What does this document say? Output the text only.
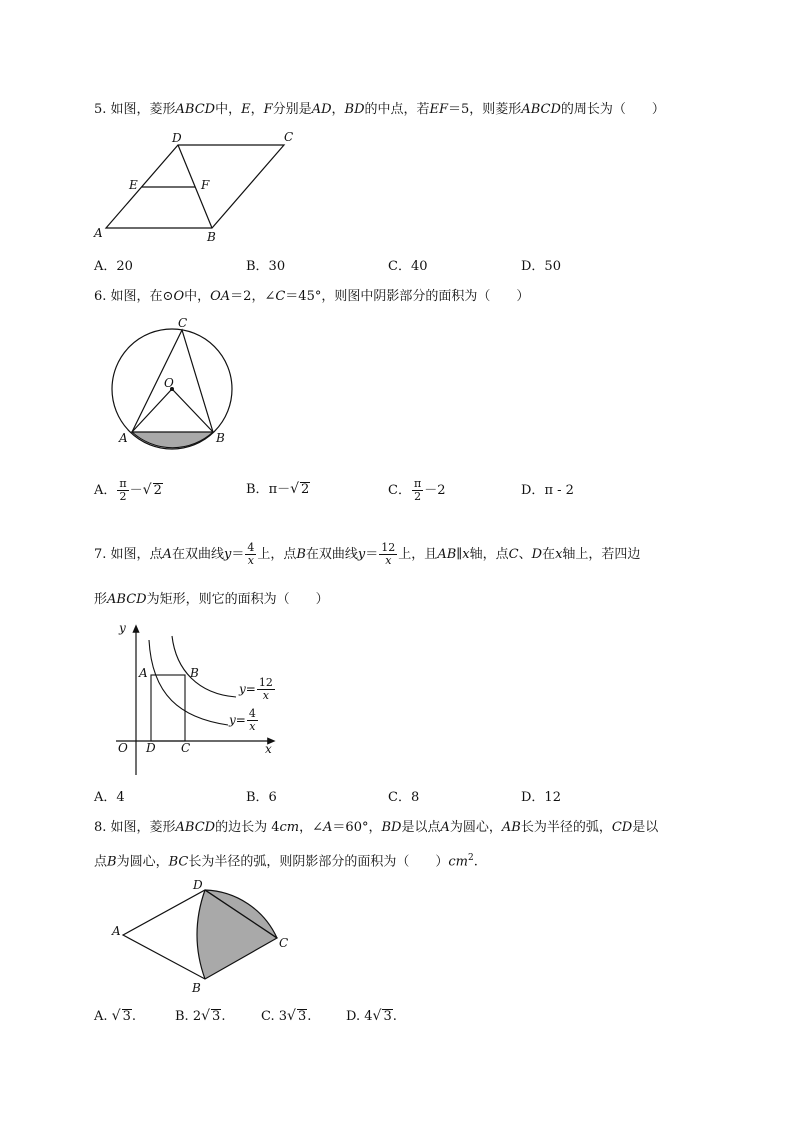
5. 如图，菱形ABCD中，E，F分别是AD，BD的中点，若EF＝5，则菱形ABCD的周长为（　　）
A	B
C
D
E	F
A．20	B．30	C．40	D．50
6. 如图，在⊙O中，OA＝2，∠C＝45°，则图中阴影部分的面积为（　　）
A	B
C
O
A． $\frac{\pi}{2}$ －√ 2	B．π－√ 2	C． $\frac{\pi}{2} -2$	D．π - 2
7. 如图，点A在双曲线$y= \frac{4}{x}$ 上，点B在双曲线$y= \frac{12}{x}$ 上，且AB∥x轴，点C、D在x轴上，若四边
形ABCD为矩形，则它的面积为（　　）
y
x
O
A	B
C
D
$y= \frac{12}{x}$
$y= \frac{4}{x}$
A．4	B．6	C．8	D．12
8. 如图，菱形ABCD的边长为 4cm，∠A＝60°，BD是以点A为圆心，AB长为半径的弧，CD是以
点B为圆心，BC长为半径的弧，则阴影部分的面积为（　　）$cm^2$.
A
B
C
D
A. √ 3.	B. 2√ 3.	C. 3√ 3.	D. 4√ 3.
